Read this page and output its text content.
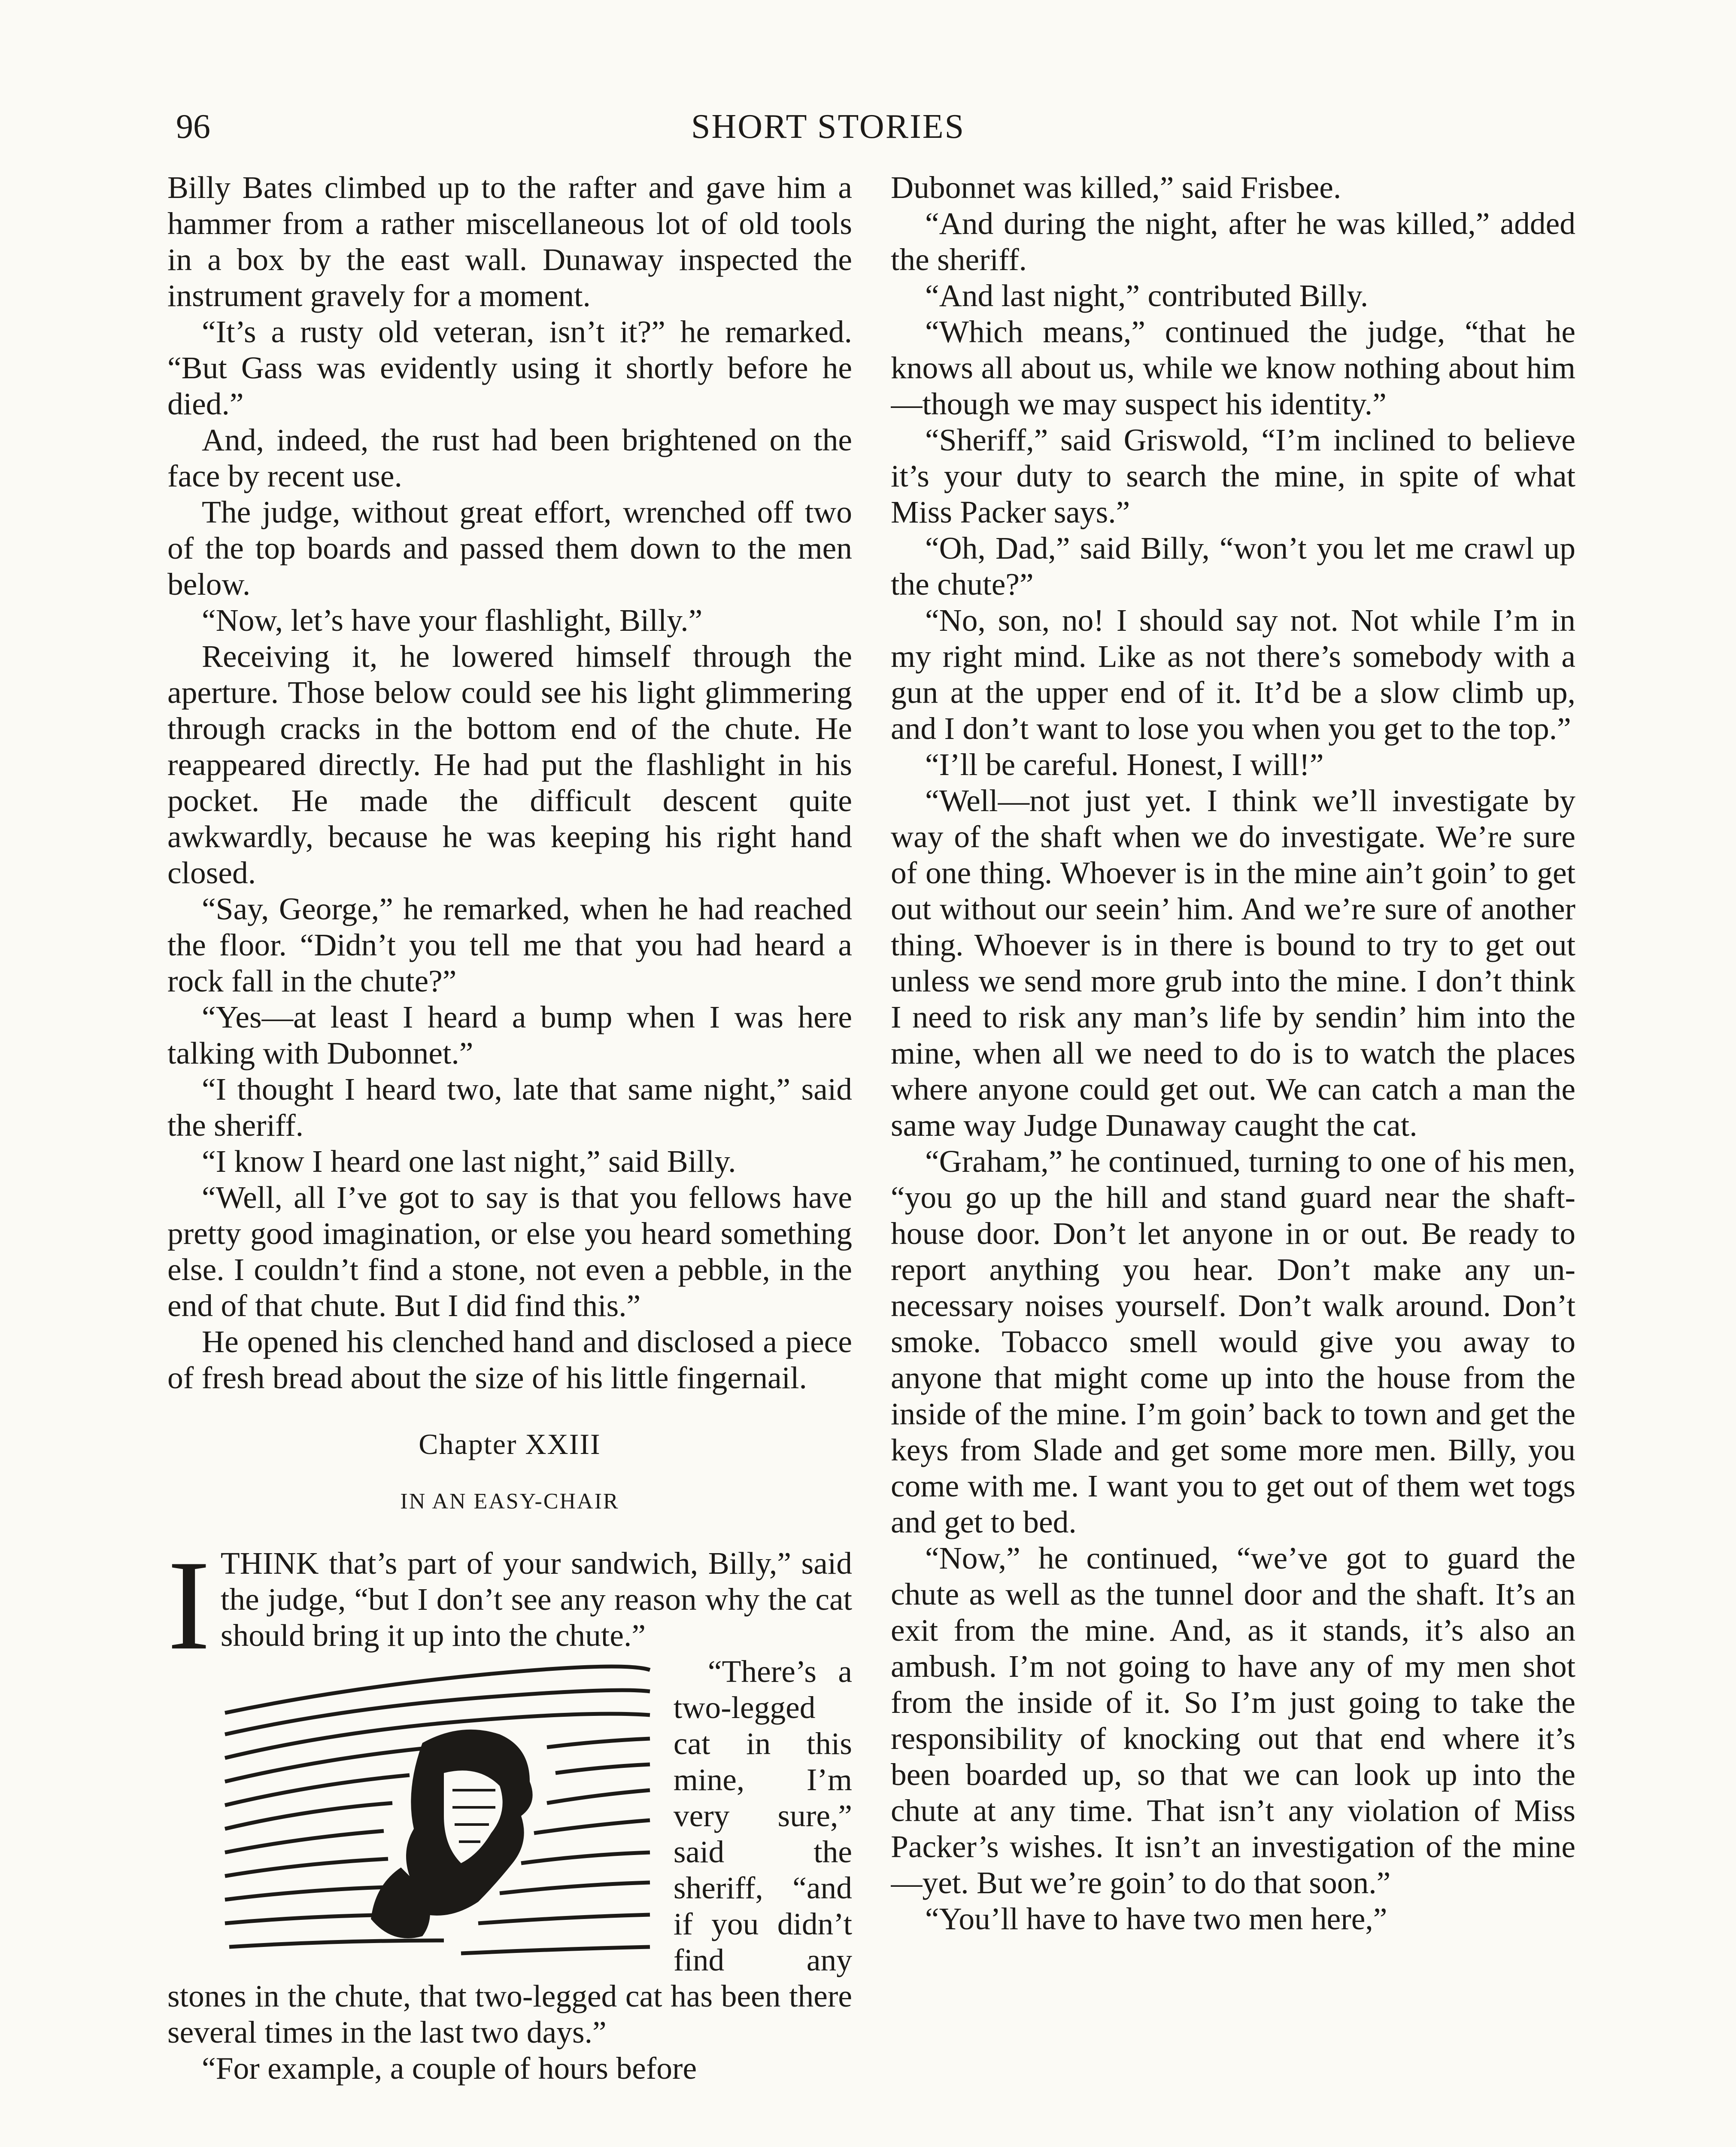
96	SHORT STORIES

Billy Bates climbed up to the rafter and gave him a hammer from a rather miscellaneous lot of old tools in a box by the east wall. Dunaway inspected the instrument gravely for a moment.

“It’s a rusty old veteran, isn’t it?” he remarked. “But Gass was evidently using it shortly before he died.”

And, indeed, the rust had been brightened on the face by recent use.

The judge, without great effort, wrenched off two of the top boards and passed them down to the men below.

“Now, let’s have your flashlight, Billy.”

Receiving it, he lowered himself through the aperture. Those below could see his light glimmering through cracks in the bottom end of the chute. He reappeared directly. He had put the flashlight in his pocket. He made the difficult descent quite awkwardly, because he was keeping his right hand closed.

“Say, George,” he remarked, when he had reached the floor. “Didn’t you tell me that you had heard a rock fall in the chute?”

“Yes—at least I heard a bump when I was here talking with Dubonnet.”

“I thought I heard two, late that same night,” said the sheriff.

“I know I heard one last night,” said Billy.

“Well, all I’ve got to say is that you fellows have pretty good imagination, or else you heard something else. I couldn’t find a stone, not even a pebble, in the end of that chute. But I did find this.”

He opened his clenched hand and disclosed a piece of fresh bread about the size of his little fingernail.

Chapter XXIII

IN AN EASY-CHAIR

ITHINK that’s part of your sandwich, Billy,” said the judge, “but I don’t see any reason why the cat should bring it up into the chute.”

“There’s a two-legged cat in this mine, I’m very sure,” said the sheriff, “and if you didn’t find any stones in the chute, that two-legged cat has been there several times in the last two days.”

“For example, a couple of hours before

Dubonnet was killed,” said Frisbee.

“And during the night, after he was killed,” added the sheriff.

“And last night,” contributed Billy.

“Which means,” continued the judge, “that he knows all about us, while we know nothing about him—though we may suspect his identity.”

“Sheriff,” said Griswold, “I’m inclined to believe it’s your duty to search the mine, in spite of what Miss Packer says.”

“Oh, Dad,” said Billy, “won’t you let me crawl up the chute?”

“No, son, no! I should say not. Not while I’m in my right mind. Like as not there’s somebody with a gun at the upper end of it. It’d be a slow climb up, and I don’t want to lose you when you get to the top.”

“I’ll be careful. Honest, I will!”

“Well—not just yet. I think we’ll investigate by way of the shaft when we do investigate. We’re sure of one thing. Whoever is in the mine ain’t goin’ to get out without our seein’ him. And we’re sure of another thing. Whoever is in there is bound to try to get out unless we send more grub into the mine. I don’t think I need to risk any man’s life by sendin’ him into the mine, when all we need to do is to watch the places where anyone could get out. We can catch a man the same way Judge Dunaway caught the cat.

“Graham,” he continued, turning to one of his men, “you go up the hill and stand guard near the shaft-house door. Don’t let anyone in or out. Be ready to report anything you hear. Don’t make any unnecessary noises yourself. Don’t walk around. Don’t smoke. Tobacco smell would give you away to anyone that might come up into the house from the inside of the mine. I’m goin’ back to town and get the keys from Slade and get some more men. Billy, you come with me. I want you to get out of them wet togs and get to bed.

“Now,” he continued, “we’ve got to guard the chute as well as the tunnel door and the shaft. It’s an exit from the mine. And, as it stands, it’s also an ambush. I’m not going to have any of my men shot from the inside of it. So I’m just going to take the responsibility of knocking out that end where it’s been boarded up, so that we can look up into the chute at any time. That isn’t any violation of Miss Packer’s wishes. It isn’t an investigation of the mine—yet. But we’re goin’ to do that soon.”

“You’ll have to have two men here,”
